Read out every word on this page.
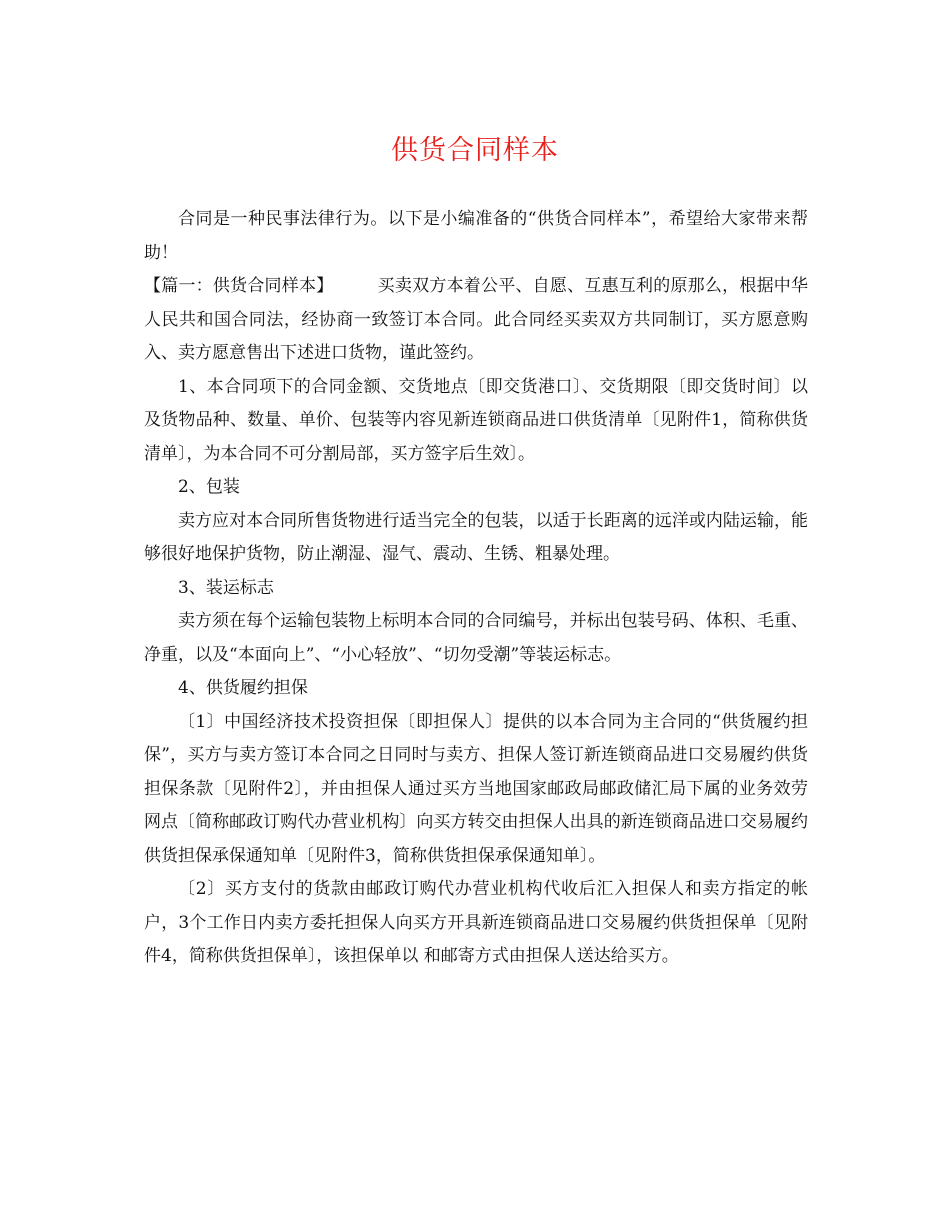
供货合同样本

合同是一种民事法律行为。以下是小编准备的“供货合同样本”，希望给大家带来帮助！

【篇一：供货合同样本】	买卖双方本着公平、自愿、互惠互利的原那么，根据中华人民共和国合同法，经协商一致签订本合同。此合同经买卖双方共同制订，买方愿意购入、卖方愿意售出下述进口货物，谨此签约。

1、本合同项下的合同金额、交货地点〔即交货港口〕、交货期限〔即交货时间〕以及货物品种、数量、单价、包装等内容见新连锁商品进口供货清单〔见附件1，简称供货清单〕，为本合同不可分割局部，买方签字后生效〕。

2、包装

卖方应对本合同所售货物进行适当完全的包装，以适于长距离的远洋或内陆运输，能够很好地保护货物，防止潮湿、湿气、震动、生锈、粗暴处理。

3、装运标志

卖方须在每个运输包装物上标明本合同的合同编号，并标出包装号码、体积、毛重、净重，以及“本面向上”、“小心轻放”、“切勿受潮”等装运标志。

4、供货履约担保

〔1〕中国经济技术投资担保〔即担保人〕提供的以本合同为主合同的“供货履约担保”，买方与卖方签订本合同之日同时与卖方、担保人签订新连锁商品进口交易履约供货担保条款〔见附件2〕，并由担保人通过买方当地国家邮政局邮政储汇局下属的业务效劳网点〔简称邮政订购代办营业机构〕向买方转交由担保人出具的新连锁商品进口交易履约供货担保承保通知单〔见附件3，简称供货担保承保通知单〕。

〔2〕买方支付的货款由邮政订购代办营业机构代收后汇入担保人和卖方指定的帐户，3个工作日内卖方委托担保人向买方开具新连锁商品进口交易履约供货担保单〔见附件4，简称供货担保单〕，该担保单以 和邮寄方式由担保人送达给买方。
